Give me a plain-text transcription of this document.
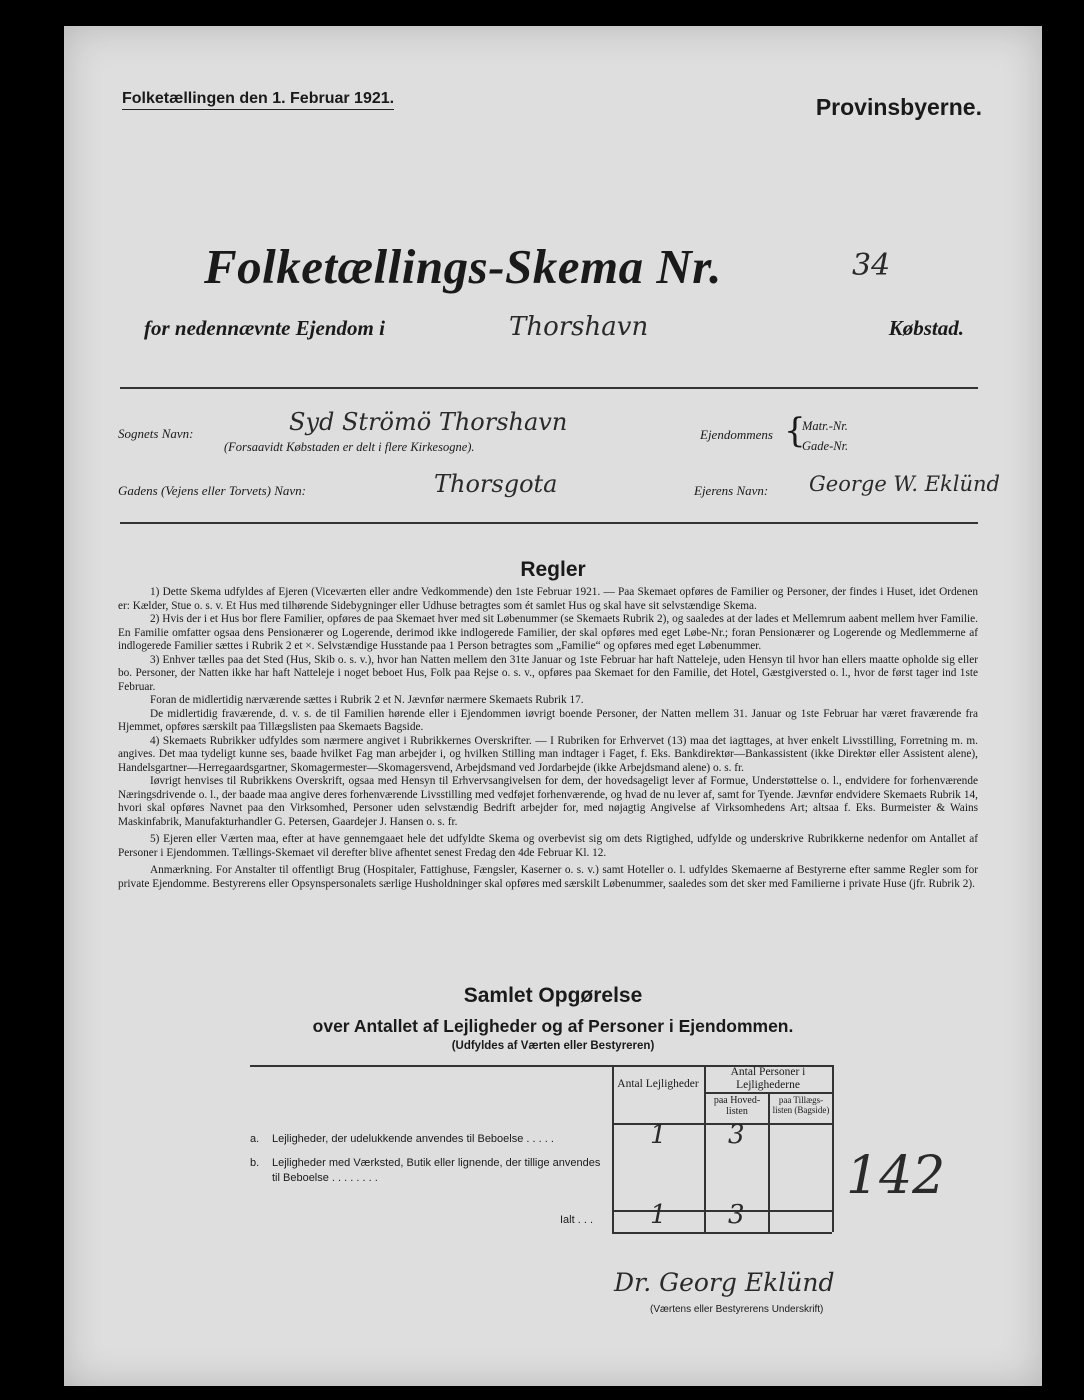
Folketællingen den 1. Februar 1921.	Provinsbyerne.
Folketællings-Skema Nr.	34
for nedennævnte Ejendom i	Thorshavn	Købstad.
Sognets Navn:
(Forsaavidt Købstaden er delt i flere Kirkesogne).
Syd Strömö Thorshavn	Ejendommens {
Matr.-Nr.
Gade-Nr.
Gadens (Vejens eller Torvets) Navn:	Thorsgota	Ejerens Navn: George W. Eklünd
Regler

1) Dette Skema udfyldes af Ejeren (Viceværten eller andre Vedkommende) den 1ste Februar 1921. — Paa Skemaet opføres de Familier og Personer, der findes i Huset, idet Ordenen er: Kælder, Stue o. s. v. Et Hus med tilhørende Sidebygninger eller Udhuse betragtes som ét samlet Hus og skal have sit selvstændige Skema.

2) Hvis der i et Hus bor flere Familier, opføres de paa Skemaet hver med sit Løbenummer (se Skemaets Rubrik 2), og saaledes at der lades et Mellemrum aabent mellem hver Familie. En Familie omfatter ogsaa dens Pensionærer og Logerende, derimod ikke indlogerede Familier, der skal opføres med eget Løbe-Nr.; foran Pensionærer og Logerende og Medlemmerne af indlogerede Familier sættes i Rubrik 2 et ×. Selvstændige Husstande paa 1 Person betragtes som „Familie“ og opføres med eget Løbenummer.

3) Enhver tælles paa det Sted (Hus, Skib o. s. v.), hvor han Natten mellem den 31te Januar og 1ste Februar har haft Natteleje, uden Hensyn til hvor han ellers maatte opholde sig eller bo. Personer, der Natten ikke har haft Natteleje i noget beboet Hus, Folk paa Rejse o. s. v., opføres paa Skemaet for den Familie, det Hotel, Gæstgiversted o. l., hvor de først tager ind 1ste Februar.

Foran de midlertidig nærværende sættes i Rubrik 2 et N. Jævnfør nærmere Skemaets Rubrik 17.

De midlertidig fraværende, d. v. s. de til Familien hørende eller i Ejendommen iøvrigt boende Personer, der Natten mellem 31. Januar og 1ste Februar har været fraværende fra Hjemmet, opføres særskilt paa Tillægslisten paa Skemaets Bagside.

4) Skemaets Rubrikker udfyldes som nærmere angivet i Rubrikkernes Overskrifter. — I Rubriken for Erhvervet (13) maa det iagttages, at hver enkelt Livsstilling, Forretning m. m. angives. Det maa tydeligt kunne ses, baade hvilket Fag man arbejder i, og hvilken Stilling man indtager i Faget, f. Eks. Bankdirektør—Bankassistent (ikke Direktør eller Assistent alene), Handelsgartner—Herregaardsgartner, Skomagermester—Skomagersvend, Arbejdsmand ved Jordarbejde (ikke Arbejdsmand alene) o. s. fr.

Iøvrigt henvises til Rubrikkens Overskrift, ogsaa med Hensyn til Erhvervsangivelsen for dem, der hovedsageligt lever af Formue, Understøttelse o. l., endvidere for forhenværende Næringsdrivende o. l., der baade maa angive deres forhenværende Livsstilling med vedføjet forhenværende, og hvad de nu lever af, samt for Tyende. Jævnfør endvidere Skemaets Rubrik 14, hvori skal opføres Navnet paa den Virksomhed, Personer uden selvstændig Bedrift arbejder for, med nøjagtig Angivelse af Virksomhedens Art; altsaa f. Eks. Burmeister & Wains Maskinfabrik, Manufakturhandler G. Petersen, Gaardejer J. Hansen o. s. fr.

5) Ejeren eller Værten maa, efter at have gennemgaaet hele det udfyldte Skema og overbevist sig om dets Rigtighed, udfylde og underskrive Rubrikkerne nedenfor om Antallet af Personer i Ejendommen. Tællings-Skemaet vil derefter blive afhentet senest Fredag den 4de Februar Kl. 12.

Anmærkning. For Anstalter til offentligt Brug (Hospitaler, Fattighuse, Fængsler, Kaserner o. s. v.) samt Hoteller o. l. udfyldes Skemaerne af Bestyrerne efter samme Regler som for private Ejendomme. Bestyrerens eller Opsynspersonalets særlige Husholdninger skal opføres med særskilt Løbenummer, saaledes som det sker med Familierne i private Huse (jfr. Rubrik 2).

Samlet Opgørelse
over Antallet af Lejligheder og af Personer i Ejendommen.
(Udfyldes af Værten eller Bestyreren)
Antal Lejligheder
Antal Personer i Lejlighederne
paa Hoved-listen
paa Tillægs-listen (Bagside)
a. Lejligheder, der udelukkende anvendes til Beboelse . . . . .	1 3
b. Lejligheder med Værksted, Butik eller lignende, der tillige anvendes til Beboelse . . . . . . . .
Ialt . . . 1 3
142
Dr. Georg Eklünd
(Værtens eller Bestyrerens Underskrift)
